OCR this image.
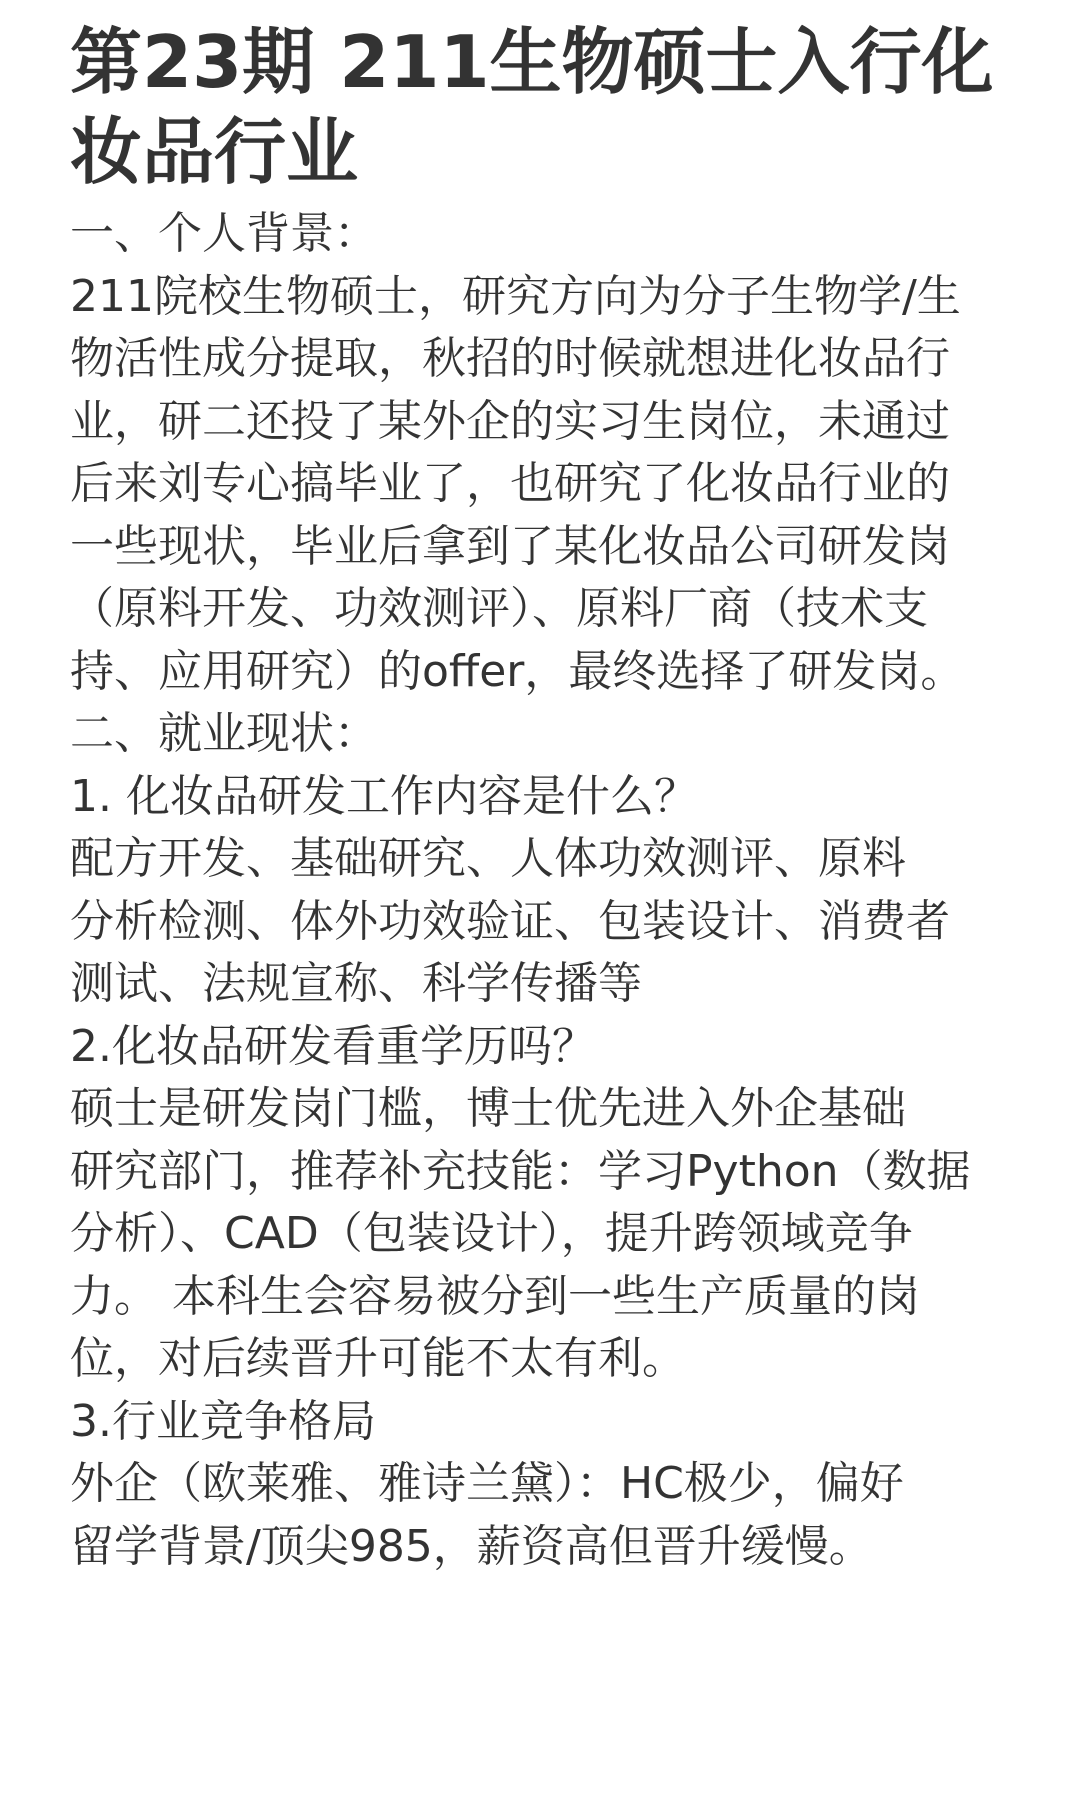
第23期 211生物硕士入行化
妆品行业
一、个人背景：
211院校生物硕士，研究方向为分子生物学/生
物活性成分提取，秋招的时候就想进化妆品行
业，研二还投了某外企的实习生岗位，未通过
后来刘专心搞毕业了，也研究了化妆品行业的
一些现状，毕业后拿到了某化妆品公司研发岗
（原料开发、功效测评）、原料厂商（技术支
持、应用研究）的offer，最终选择了研发岗。
二、就业现状：
1. 化妆品研发工作内容是什么？
配方开发、基础研究、人体功效测评、原料
分析检测、体外功效验证、包装设计、消费者
测试、法规宣称、科学传播等
2.化妆品研发看重学历吗？
硕士是研发岗门槛，博士优先进入外企基础
研究部门，推荐补充技能：学习Python（数据
分析）、CAD（包装设计），提升跨领域竞争
力。 本科生会容易被分到一些生产质量的岗
位，对后续晋升可能不太有利。
3.行业竞争格局
外企（欧莱雅、雅诗兰黛）：HC极少，偏好
留学背景/顶尖985，薪资高但晋升缓慢。
